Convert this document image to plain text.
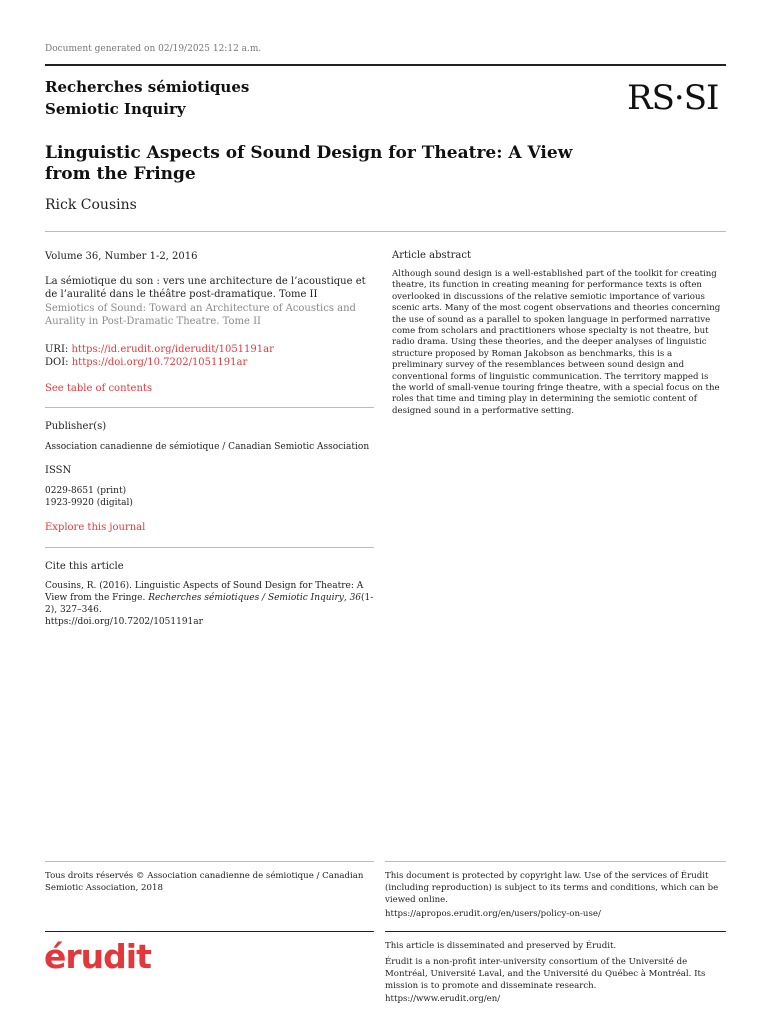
Document generated on 02/19/2025 12:12 a.m.
Recherches sémiotiques
Semiotic Inquiry	RS·SI
Linguistic Aspects of Sound Design for Theatre: A View from the Fringe
Rick Cousins
Volume 36, Number 1-2, 2016
La sémiotique du son : vers une architecture de l’acoustique et de l’auralité dans le théâtre post-dramatique. Tome II
Semiotics of Sound: Toward an Architecture of Acoustics and Aurality in Post-Dramatic Theatre. Tome II
URI: https://id.erudit.org/iderudit/1051191ar
DOI: https://doi.org/10.7202/1051191ar
See table of contents
Publisher(s)
Association canadienne de sémiotique / Canadian Semiotic Association
ISSN
0229-8651 (print)
1923-9920 (digital)
Explore this journal
Cite this article
Cousins, R. (2016). Linguistic Aspects of Sound Design for Theatre: A View from the Fringe. Recherches sémiotiques / Semiotic Inquiry, 36(1-2), 327–346.
https://doi.org/10.7202/1051191ar
Article abstract
Although sound design is a well-established part of the toolkit for creating theatre, its function in creating meaning for performance texts is often overlooked in discussions of the relative semiotic importance of various scenic arts. Many of the most cogent observations and theories concerning the use of sound as a parallel to spoken language in performed narrative come from scholars and practitioners whose specialty is not theatre, but radio drama. Using these theories, and the deeper analyses of linguistic structure proposed by Roman Jakobson as benchmarks, this is a preliminary survey of the resemblances between sound design and conventional forms of linguistic communication. The territory mapped is the world of small-venue touring fringe theatre, with a special focus on the roles that time and timing play in determining the semiotic content of designed sound in a performative setting.
Tous droits réservés © Association canadienne de sémiotique / Canadian Semiotic Association, 2018
This document is protected by copyright law. Use of the services of Érudit (including reproduction) is subject to its terms and conditions, which can be viewed online.
https://apropos.erudit.org/en/users/policy-on-use/
érudit	This article is disseminated and preserved by Érudit.
Érudit is a non-profit inter-university consortium of the Université de Montréal, Université Laval, and the Université du Québec à Montréal. Its mission is to promote and disseminate research.
https://www.erudit.org/en/
